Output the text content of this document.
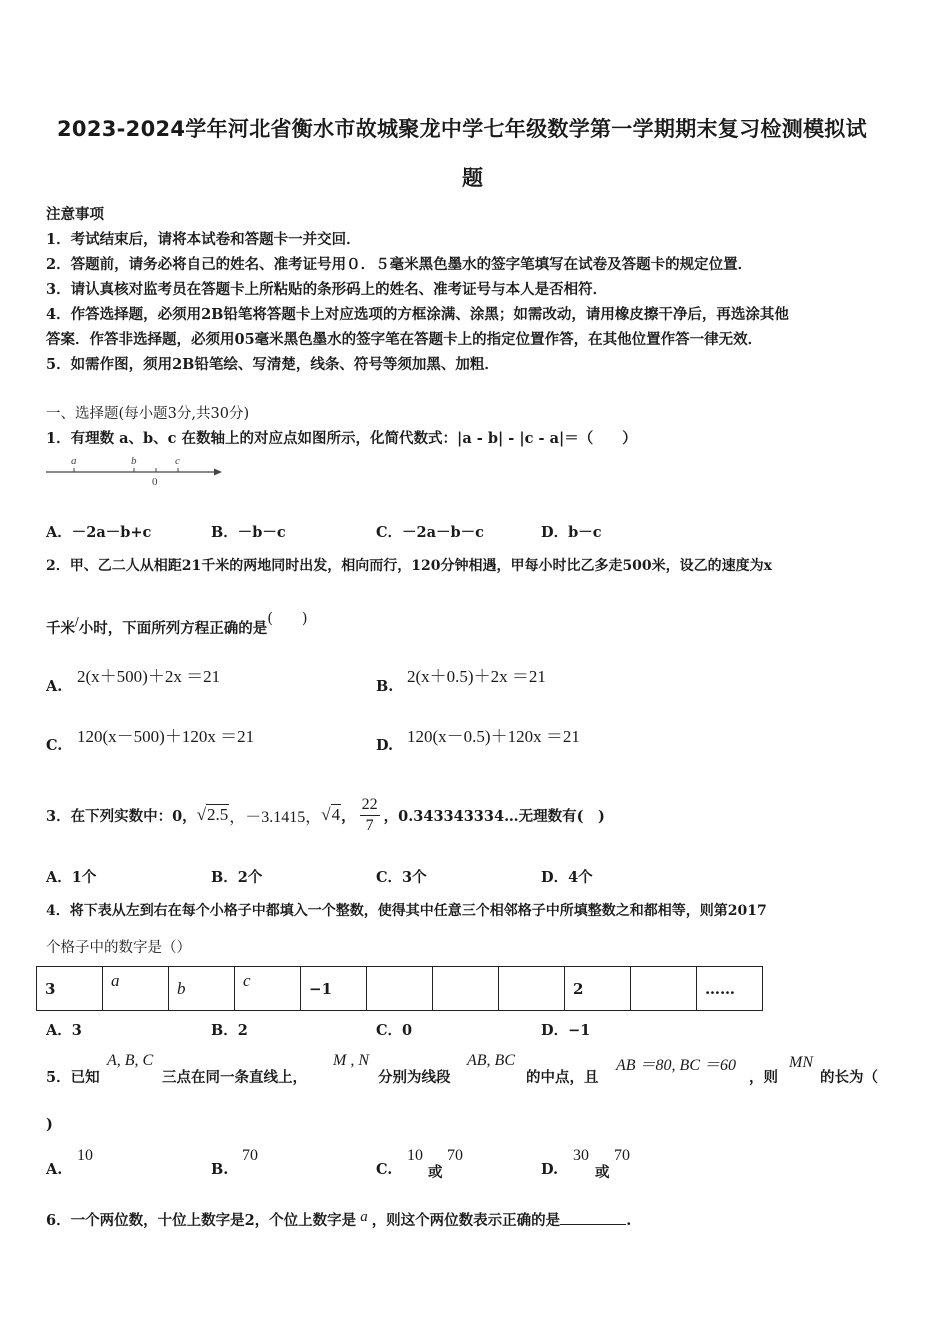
2023-2024学年河北省衡水市故城聚龙中学七年级数学第一学期期末复习检测模拟试
题
注意事项
1．考试结束后，请将本试卷和答题卡一并交回．
2．答题前，请务必将自己的姓名、准考证号用０．５毫米黑色墨水的签字笔填写在试卷及答题卡的规定位置．
3．请认真核对监考员在答题卡上所粘贴的条形码上的姓名、准考证号与本人是否相符．
4．作答选择题，必须用2B铅笔将答题卡上对应选项的方框涂满、涂黑；如需改动，请用橡皮擦干净后，再选涂其他
答案．作答非选择题，必须用05毫米黑色墨水的签字笔在答题卡上的指定位置作答，在其他位置作答一律无效．
5．如需作图，须用2B铅笔绘、写清楚，线条、符号等须加黑、加粗．
一、选择题(每小题3分,共30分)
1．有理数 a、b、c 在数轴上的对应点如图所示，化简代数式：|a - b| - |c - a|＝（　　）
a	b	c
0
A．－2a－b+c	B．－b－c	C．－2a－b－c	D．b－c
2．甲、乙二人从相距21千米的两地同时出发，相向而行，120分钟相遇，甲每小时比乙多走500米，设乙的速度为x
千米/小时，下面所列方程正确的是(　　)
A.
2(x＋500)＋2x ＝21
B.
2(x＋0.5)＋2x ＝21
C. 120(x－500)＋120x ＝21	D. 120(x－0.5)＋120x ＝21
3．在下列实数中：0， √2.5 ，－3.1415， √4 ， $\frac{22}{7}$ ，0.343343334…无理数有(　)
A．1个	B．2个	C．3个	D．4个
4．将下表从左到右在每个小格子中都填入一个整数，使得其中任意三个相邻格子中所填整数之和都相等，则第2017
个格子中的数字是（）
3	a	b	c	−1				2		……
A．3	B．2	C．0	D．−1
5．已知
A, B, C
三点在同一条直线上，
M , N
分别为线段
AB, BC
的中点，且
AB ＝80, BC ＝60
，则
MN
的长为（
)
A.
10
B.
70
C.
10
或
70
D.
30
或
70
6．一个两位数，十位上数字是2，个位上数字是 a ，则这个两位数表示正确的是	.
